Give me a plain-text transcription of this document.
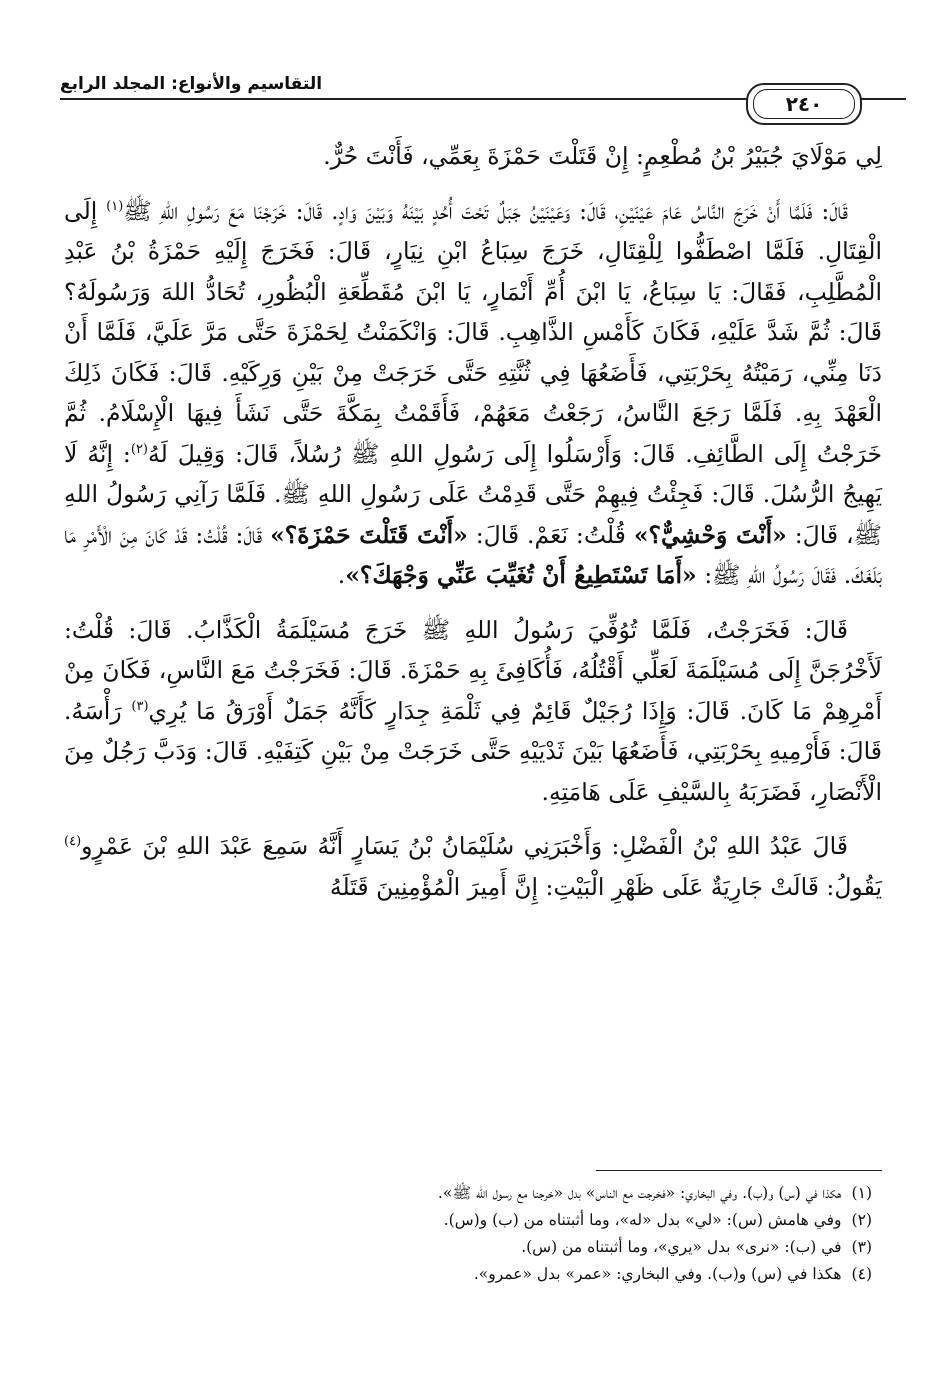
التقاسيم والأنواع: المجلد الرابع
٢٤٠

لِي مَوْلَايَ جُبَيْرُ بْنُ مُطْعِمٍ: إِنْ قَتَلْتَ حَمْزَةَ بِعَمِّي، فَأَنْتَ حُرٌّ.

قَالَ: فَلَمَّا أَنْ خَرَجَ النَّاسُ عَامَ عَيْنَيْنِ، قَالَ: وَعَيْنَيْنُ جَبَلٌ تَحْتَ أُحُدٍ بَيْنَهُ وَبَيْنَ وَادٍ. قَالَ: خَرَجْنَا مَعَ رَسُولِ اللهِ ﷺ$^{(١)}$ إِلَى الْقِتَالِ. فَلَمَّا اصْطَفُّوا لِلْقِتَالِ، خَرَجَ سِبَاعُ ابْنِ نِيَارٍ، قَالَ: فَخَرَجَ إِلَيْهِ حَمْزَةُ بْنُ عَبْدِ الْمُطَّلِبِ، فَقَالَ: يَا سِبَاعُ، يَا ابْنَ أُمِّ أَنْمَارٍ، يَا ابْنَ مُقَطِّعَةِ الْبُظُورِ، تُحَادُّ اللهَ وَرَسُولَهُ؟ قَالَ: ثُمَّ شَدَّ عَلَيْهِ، فَكَانَ كَأَمْسِ الذَّاهِبِ. قَالَ: وَانْكَمَنْتُ لِحَمْزَةَ حَتَّى مَرَّ عَلَيَّ، فَلَمَّا أَنْ دَنَا مِنِّي، رَمَيْتُهُ بِحَرْبَتِي، فَأَضَعُهَا فِي ثُنَّتِهِ حَتَّى خَرَجَتْ مِنْ بَيْنِ وَرِكَيْهِ. قَالَ: فَكَانَ ذَلِكَ الْعَهْدَ بِهِ. فَلَمَّا رَجَعَ النَّاسُ، رَجَعْتُ مَعَهُمْ، فَأَقَمْتُ بِمَكَّةَ حَتَّى نَشَأَ فِيهَا الْإِسْلَامُ. ثُمَّ خَرَجْتُ إِلَى الطَّائِفِ. قَالَ: وَأَرْسَلُوا إِلَى رَسُولِ اللهِ ﷺ رُسُلاً، قَالَ: وَقِيلَ لَهُ$^{(٢)}$: إِنَّهُ لَا يَهِيجُ الرُّسُلَ. قَالَ: فَجِئْتُ فِيهِمْ حَتَّى قَدِمْتُ عَلَى رَسُولِ اللهِ ﷺ. فَلَمَّا رَآنِي رَسُولُ اللهِ ﷺ، قَالَ: «أَنْتَ وَحْشِيٌّ؟» قُلْتُ: نَعَمْ. قَالَ: «أَنْتَ قَتَلْتَ حَمْزَةَ؟» قَالَ: قُلْتُ: قَدْ كَانَ مِنَ الْأَمْرِ مَا بَلَغَكَ. فَقَالَ رَسُولُ اللهِ ﷺ: «أَمَا تَسْتَطِيعُ أَنْ تُغَيِّبَ عَنِّي وَجْهَكَ؟».

قَالَ: فَخَرَجْتُ، فَلَمَّا تُوُفِّيَ رَسُولُ اللهِ ﷺ خَرَجَ مُسَيْلَمَةُ الْكَذَّابُ. قَالَ: قُلْتُ: لَأَخْرُجَنَّ إِلَى مُسَيْلَمَةَ لَعَلِّي أَقْتُلُهُ، فَأُكَافِئَ بِهِ حَمْزَةَ. قَالَ: فَخَرَجْتُ مَعَ النَّاسِ، فَكَانَ مِنْ أَمْرِهِمْ مَا كَانَ. قَالَ: وَإِذَا رُجَيْلٌ قَائِمٌ فِي ثَلْمَةِ جِدَارٍ كَأَنَّهُ جَمَلٌ أَوْرَقُ مَا يُرِي$^{(٣)}$ رَأْسَهُ. قَالَ: فَأَرْمِيهِ بِحَرْبَتِي، فَأَضَعُهَا بَيْنَ ثَدْيَيْهِ حَتَّى خَرَجَتْ مِنْ بَيْنِ كَتِفَيْهِ. قَالَ: وَدَبَّ رَجُلٌ مِنَ الْأَنْصَارِ، فَضَرَبَهُ بِالسَّيْفِ عَلَى هَامَتِهِ.

قَالَ عَبْدُ اللهِ بْنُ الْفَضْلِ: وَأَخْبَرَنِي سُلَيْمَانُ بْنُ يَسَارٍ أَنَّهُ سَمِعَ عَبْدَ اللهِ بْنَ عَمْرٍو$^{(٤)}$ يَقُولُ: قَالَتْ جَارِيَةٌ عَلَى ظَهْرِ الْبَيْتِ: إِنَّ أَمِيرَ الْمُؤْمِنِينَ قَتَلَهُ

(١)
هكذا في (س) و(ب). وفي البخاري: «فخرجت مع الناس» بدل «خرجنا مع رسول الله ﷺ».
(٢)
وفي هامش (س): «لي» بدل «له»، وما أثبتناه من (ب) و(س).
(٣)
في (ب): «نرى» بدل «يري»، وما أثبتناه من (س).
(٤)
هكذا في (س) و(ب). وفي البخاري: «عمر» بدل «عمرو».
